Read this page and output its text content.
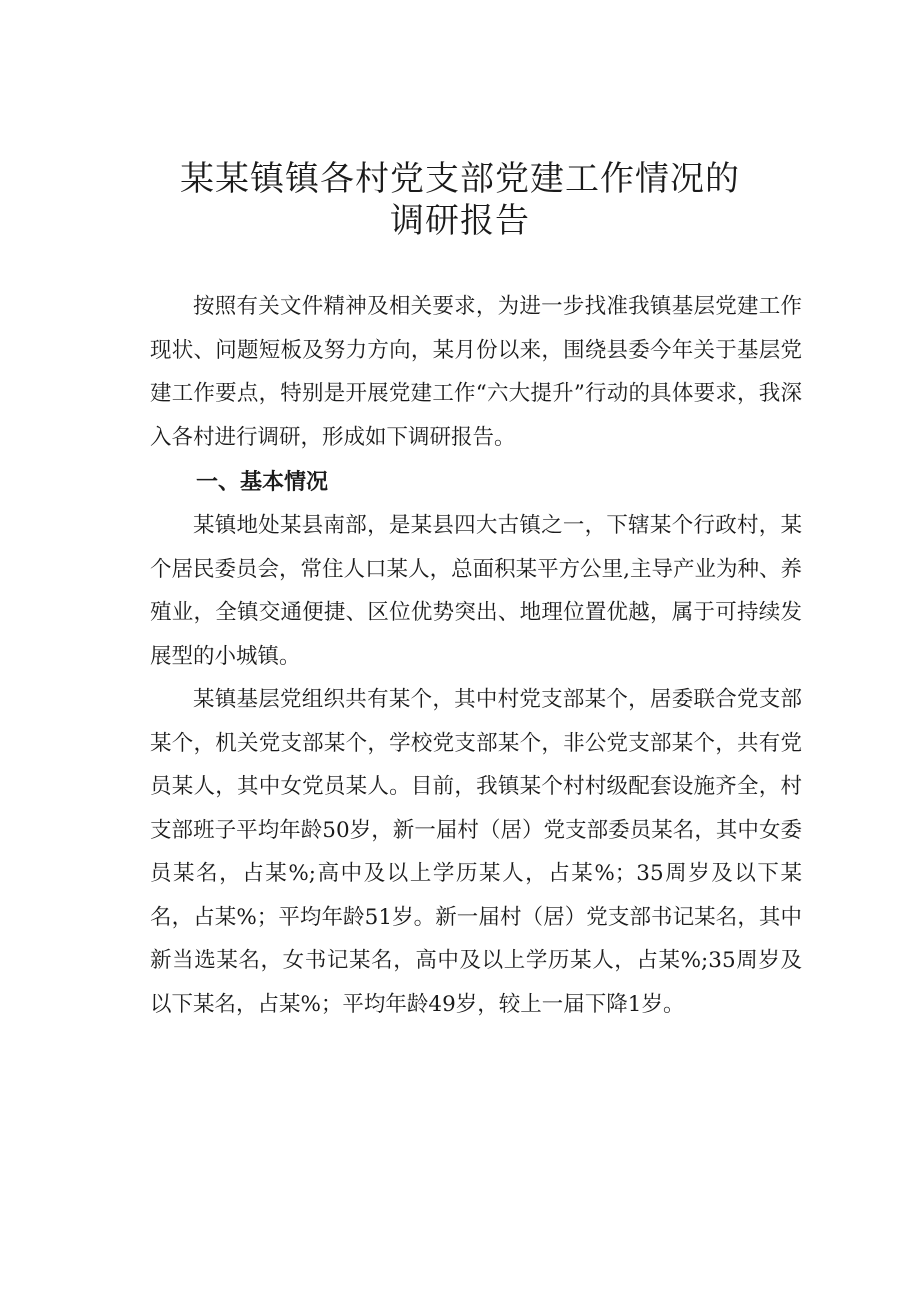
某某镇镇各村党支部党建工作情况的
调研报告

按照有关文件精神及相关要求，为进一步找准我镇基层党建工作现状、问题短板及努力方向，某月份以来，围绕县委今年关于基层党建工作要点，特别是开展党建工作“六大提升”行动的具体要求，我深入各村进行调研，形成如下调研报告。

一、基本情况

某镇地处某县南部，是某县四大古镇之一，下辖某个行政村，某个居民委员会，常住人口某人，总面积某平方公里,主导产业为种、养殖业，全镇交通便捷、区位优势突出、地理位置优越，属于可持续发展型的小城镇。

某镇基层党组织共有某个，其中村党支部某个，居委联合党支部某个，机关党支部某个，学校党支部某个，非公党支部某个，共有党员某人，其中女党员某人。目前，我镇某个村村级配套设施齐全，村支部班子平均年龄50岁，新一届村（居）党支部委员某名，其中女委员某名，占某%;高中及以上学历某人，占某%；35周岁及以下某名，占某%；平均年龄51岁。新一届村（居）党支部书记某名，其中新当选某名，女书记某名，高中及以上学历某人，占某%;35周岁及以下某名，占某%；平均年龄49岁，较上一届下降1岁。
